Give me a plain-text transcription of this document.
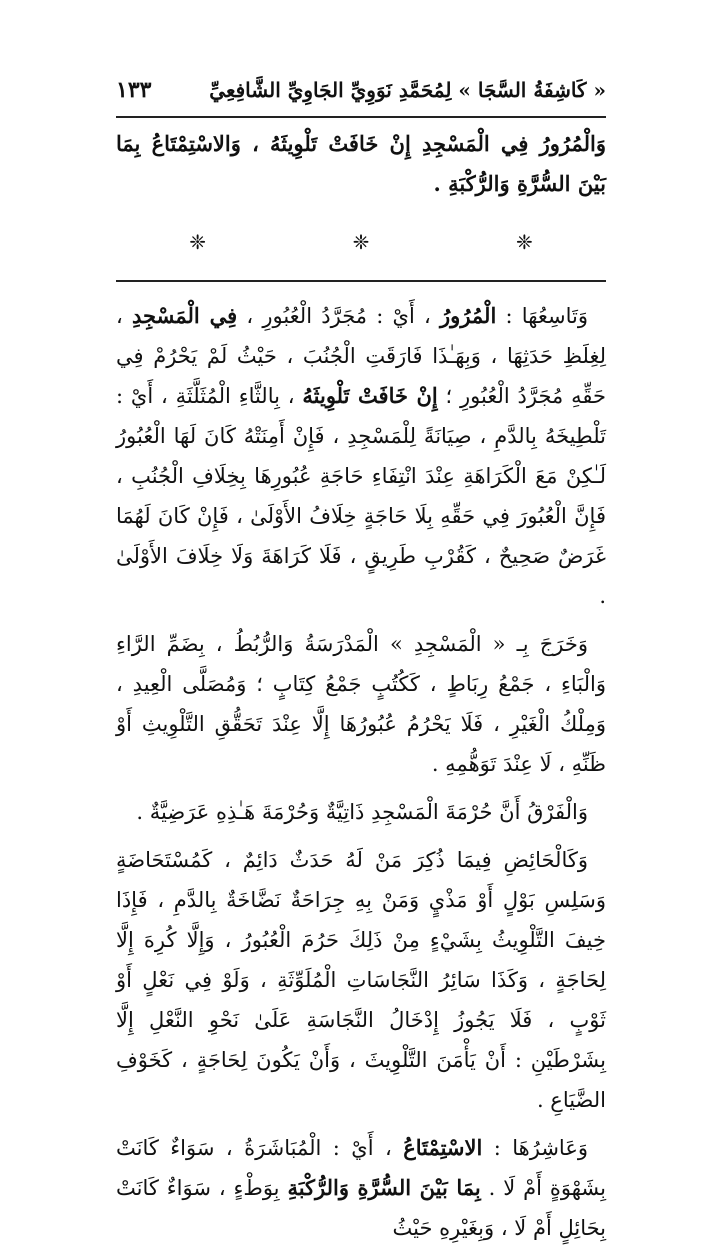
« كَاشِفَةُ السَّجَا » لِمُحَمَّدِ نَوَوِيِّ الجَاوِيِّ الشَّافِعِيِّ
١٣٣

وَالْمُرُورُ فِي الْمَسْجِدِ إِنْ خَافَتْ تَلْوِيثَهُ ، وَالاسْتِمْتَاعُ بِمَا بَيْنَ السُّرَّةِ وَالرُّكْبَةِ .

❈
❈
❈

وَتَاسِعُهَا : الْمُرُورُ ، أَيْ : مُجَرَّدُ الْعُبُورِ ، فِي الْمَسْجِدِ ، لِغِلَظِ حَدَثِهَا ، وَبِهَـٰذَا فَارَقَتِ الْجُنُبَ ، حَيْثُ لَمْ يَحْرُمْ فِي حَقِّهِ مُجَرَّدُ الْعُبُورِ ؛ إِنْ خَافَتْ تَلْوِيثَهُ ، بِالثَّاءِ الْمُثَلَّثَةِ ، أَيْ : تَلْطِيخَهُ بِالدَّمِ ، صِيَانَةً لِلْمَسْجِدِ ، فَإِنْ أَمِنَتْهُ كَانَ لَهَا الْعُبُورُ لَـٰكِنْ مَعَ الْكَرَاهَةِ عِنْدَ انْتِفَاءِ حَاجَةِ عُبُورِهَا بِخِلَافِ الْجُنُبِ ، فَإِنَّ الْعُبُورَ فِي حَقِّهِ بِلَا حَاجَةٍ خِلَافُ الأَوْلَىٰ ، فَإِنْ كَانَ لَهُمَا غَرَضٌ صَحِيحٌ ، كَقُرْبِ طَرِيقٍ ، فَلَا كَرَاهَةَ وَلَا خِلَافَ الأَوْلَىٰ .

وَخَرَجَ بِـ « الْمَسْجِدِ » الْمَدْرَسَةُ وَالرُّبُطُ ، بِضَمِّ الرَّاءِ وَالْبَاءِ ، جَمْعُ رِبَاطٍ ، كَكُتُبٍ جَمْعُ كِتَابٍ ؛ وَمُصَلَّى الْعِيدِ ، وَمِلْكُ الْغَيْرِ ، فَلَا يَحْرُمُ عُبُورُهَا إِلَّا عِنْدَ تَحَقُّقِ التَّلْوِيثِ أَوْ ظَنِّهِ ، لَا عِنْدَ تَوَهُّمِهِ .

وَالْفَرْقُ أَنَّ حُرْمَةَ الْمَسْجِدِ ذَاتِيَّةٌ وَحُرْمَةَ هَـٰذِهِ عَرَضِيَّةٌ .

وَكَالْحَائِضِ فِيمَا ذُكِرَ مَنْ لَهُ حَدَثٌ دَائِمٌ ، كَمُسْتَحَاضَةٍ وَسَلِسِ بَوْلٍ أَوْ مَذْيٍ وَمَنْ بِهِ جِرَاحَةٌ نَضَّاخَةٌ بِالدَّمِ ، فَإِذَا خِيفَ التَّلْوِيثُ بِشَيْءٍ مِنْ ذَلِكَ حَرُمَ الْعُبُورُ ، وَإِلَّا كُرِهَ إِلَّا لِحَاجَةٍ ، وَكَذَا سَائِرُ النَّجَاسَاتِ الْمُلَوِّثَةِ ، وَلَوْ فِي نَعْلٍ أَوْ ثَوْبٍ ، فَلَا يَجُوزُ إِدْخَالُ النَّجَاسَةِ عَلَىٰ نَحْوِ النَّعْلِ إِلَّا بِشَرْطَيْنِ : أَنْ يَأْمَنَ التَّلْوِيثَ ، وَأَنْ يَكُونَ لِحَاجَةٍ ، كَخَوْفِ الضَّيَاعِ .

وَعَاشِرُهَا : الاسْتِمْتَاعُ ، أَيْ : الْمُبَاشَرَةُ ، سَوَاءٌ كَانَتْ بِشَهْوَةٍ أَمْ لَا . بِمَا بَيْنَ السُّرَّةِ وَالرُّكْبَةِ بِوَطْءٍ ، سَوَاءٌ كَانَتْ بِحَائِلٍ أَمْ لَا ، وَبِغَيْرِهِ حَيْثُ
